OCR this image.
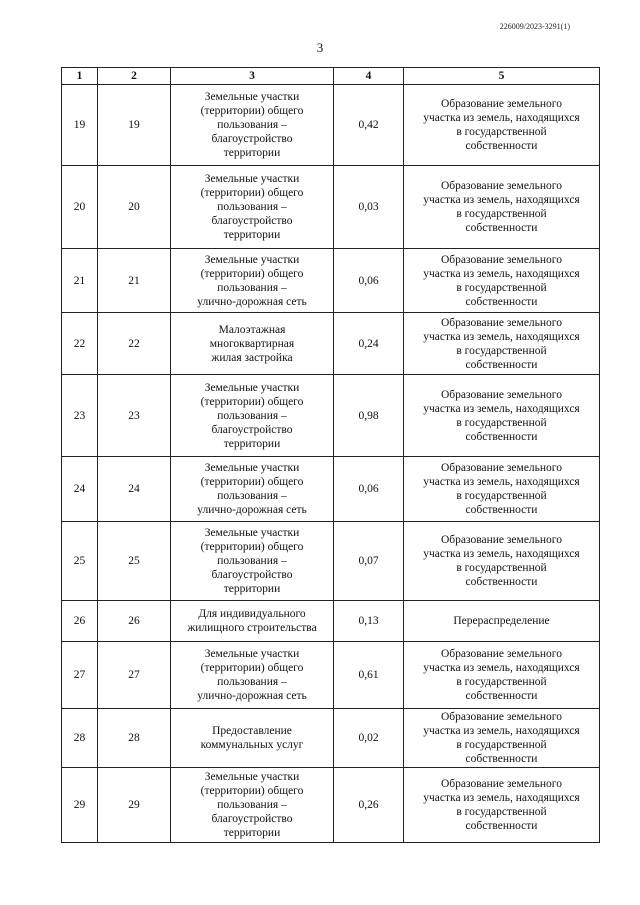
226009/2023-3291(1)
3
1	2	3	4	5
19	19	Земельные участки
(территории) общего
пользования –
благоустройство
территории	0,42	Образование земельного
участка из земель, находящихся
в государственной
собственности

20	20	Земельные участки
(территории) общего
пользования –
благоустройство
территории	0,03	Образование земельного
участка из земель, находящихся
в государственной
собственности

21	21	Земельные участки
(территории) общего
пользования –
улично-дорожная сеть	0,06	Образование земельного
участка из земель, находящихся
в государственной
собственности

22	22	Малоэтажная
многоквартирная
жилая застройка	0,24	Образование земельного
участка из земель, находящихся
в государственной
собственности

23	23	Земельные участки
(территории) общего
пользования –
благоустройство
территории	0,98	Образование земельного
участка из земель, находящихся
в государственной
собственности

24	24	Земельные участки
(территории) общего
пользования –
улично-дорожная сеть	0,06	Образование земельного
участка из земель, находящихся
в государственной
собственности

25	25	Земельные участки
(территории) общего
пользования –
благоустройство
территории	0,07	Образование земельного
участка из земель, находящихся
в государственной
собственности

26	26	Для индивидуального
жилищного строительства	0,13	Перераспределение

27	27	Земельные участки
(территории) общего
пользования –
улично-дорожная сеть	0,61	Образование земельного
участка из земель, находящихся
в государственной
собственности

28	28	Предоставление
коммунальных услуг	0,02	Образование земельного
участка из земель, находящихся
в государственной
собственности

29	29	Земельные участки
(территории) общего
пользования –
благоустройство
территории	0,26	Образование земельного
участка из земель, находящихся
в государственной
собственности
